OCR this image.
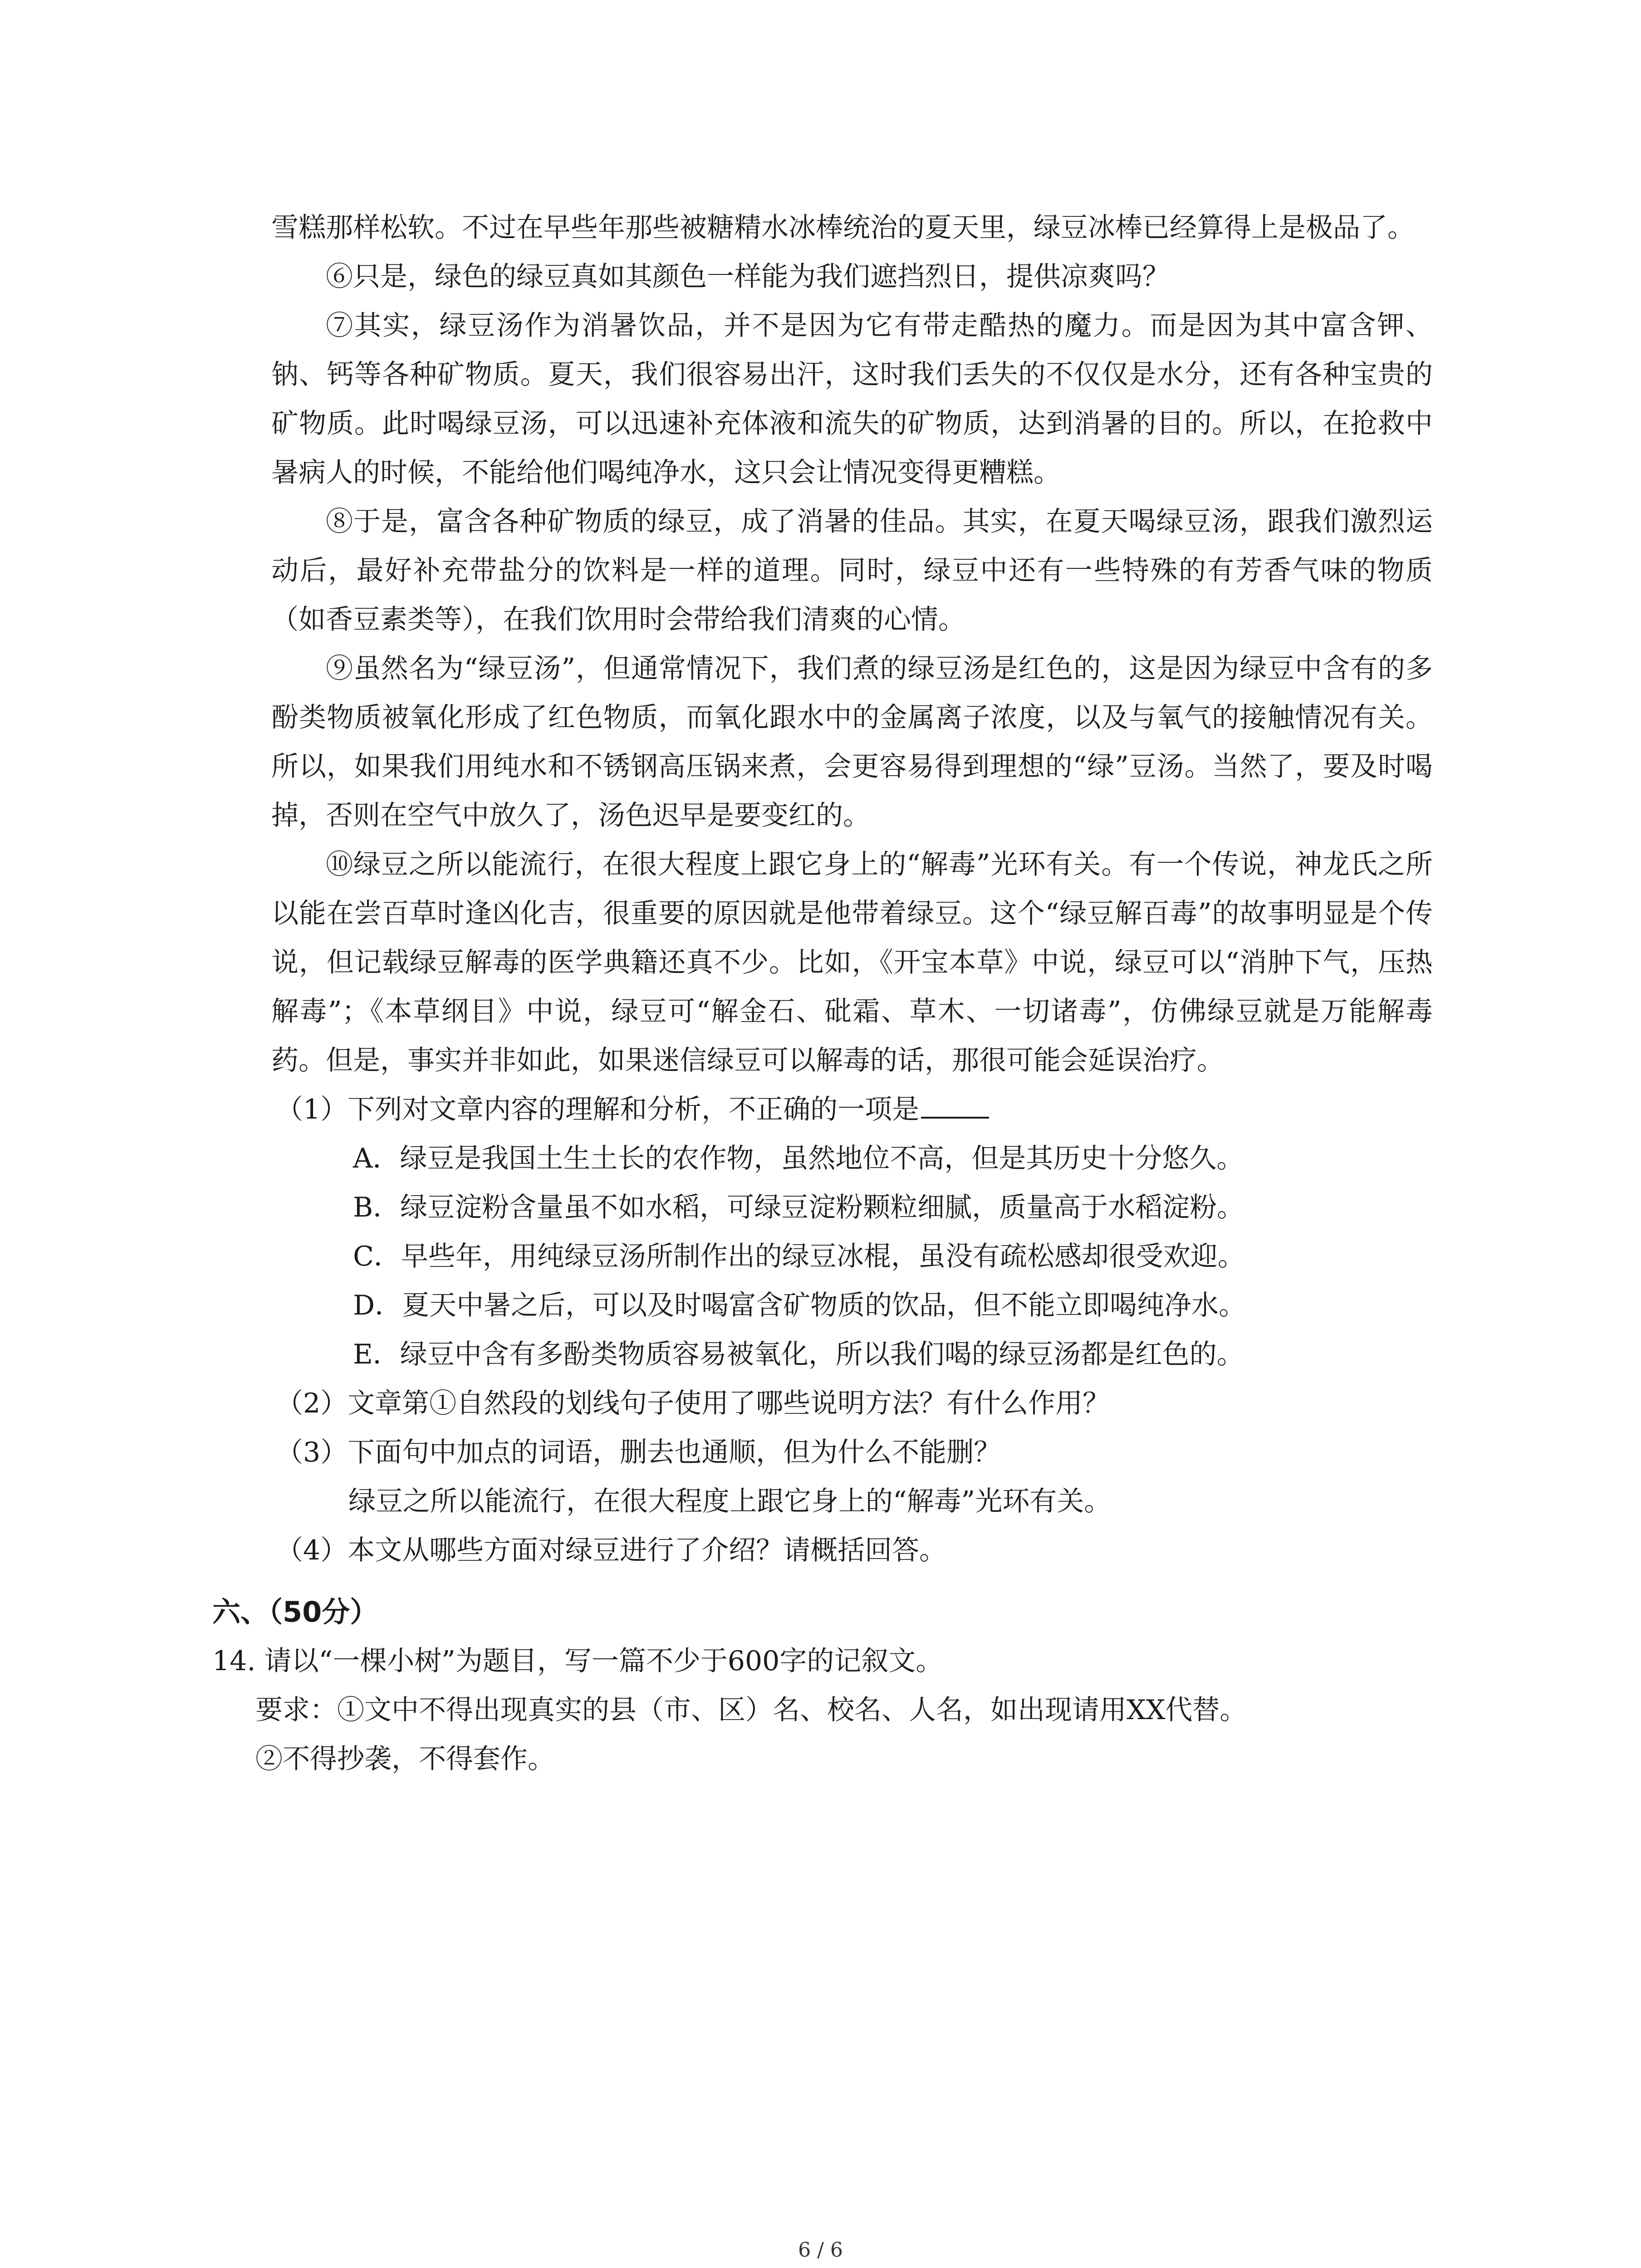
雪糕那样松软。不过在早些年那些被糖精水冰棒统治的夏天里，绿豆冰棒已经算得上是极品了。

⑥只是，绿色的绿豆真如其颜色一样能为我们遮挡烈日，提供凉爽吗？

⑦其实，绿豆汤作为消暑饮品，并不是因为它有带走酷热的魔力。而是因为其中富含钾、钠、钙等各种矿物质。夏天，我们很容易出汗，这时我们丢失的不仅仅是水分，还有各种宝贵的矿物质。此时喝绿豆汤，可以迅速补充体液和流失的矿物质，达到消暑的目的。所以，在抢救中暑病人的时候，不能给他们喝纯净水，这只会让情况变得更糟糕。

⑧于是，富含各种矿物质的绿豆，成了消暑的佳品。其实，在夏天喝绿豆汤，跟我们激烈运动后，最好补充带盐分的饮料是一样的道理。同时，绿豆中还有一些特殊的有芳香气味的物质（如香豆素类等），在我们饮用时会带给我们清爽的心情。

⑨虽然名为“绿豆汤”，但通常情况下，我们煮的绿豆汤是红色的，这是因为绿豆中含有的多酚类物质被氧化形成了红色物质，而氧化跟水中的金属离子浓度，以及与氧气的接触情况有关。所以，如果我们用纯水和不锈钢高压锅来煮，会更容易得到理想的“绿”豆汤。当然了，要及时喝掉，否则在空气中放久了，汤色迟早是要变红的。

⑩绿豆之所以能流行，在很大程度上跟它身上的“解毒”光环有关。有一个传说，神龙氏之所以能在尝百草时逢凶化吉，很重要的原因就是他带着绿豆。这个“绿豆解百毒”的故事明显是个传说，但记载绿豆解毒的医学典籍还真不少。比如，《开宝本草》中说，绿豆可以“消肿下气，压热解毒”；《本草纲目》中说，绿豆可“解金石、砒霜、草木、一切诸毒”，仿佛绿豆就是万能解毒药。但是，事实并非如此，如果迷信绿豆可以解毒的话，那很可能会延误治疗。

（1）下列对文章内容的理解和分析，不正确的一项是

A．绿豆是我国土生土长的农作物，虽然地位不高，但是其历史十分悠久。

B．绿豆淀粉含量虽不如水稻，可绿豆淀粉颗粒细腻，质量高于水稻淀粉。

C．早些年，用纯绿豆汤所制作出的绿豆冰棍，虽没有疏松感却很受欢迎。

D．夏天中暑之后，可以及时喝富含矿物质的饮品，但不能立即喝纯净水。

E．绿豆中含有多酚类物质容易被氧化，所以我们喝的绿豆汤都是红色的。

（2）文章第①自然段的划线句子使用了哪些说明方法？有什么作用？

（3）下面句中加点的词语，删去也通顺，但为什么不能删？

绿豆之所以能流行，在很大程度上跟它身上的“解毒”光环有关。

（4）本文从哪些方面对绿豆进行了介绍？请概括回答。

六、（50分）

14. 请以“一棵小树”为题目，写一篇不少于600字的记叙文。

要求：①文中不得出现真实的县（市、区）名、校名、人名，如出现请用XX代替。

②不得抄袭，不得套作。

6 / 6
